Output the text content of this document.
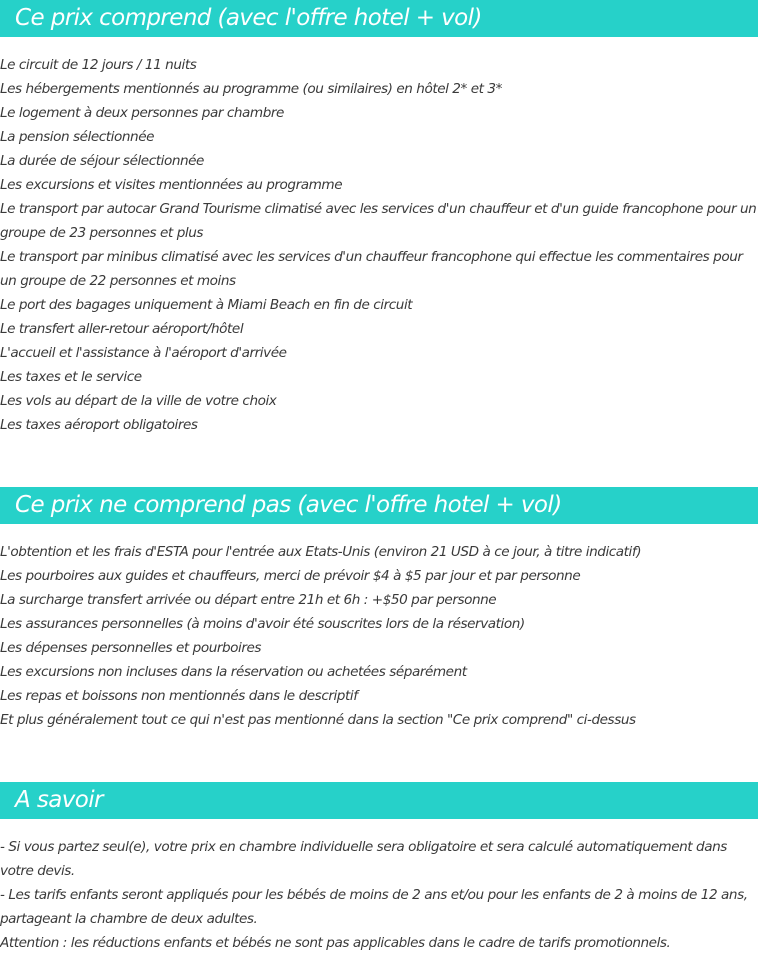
Ce prix comprend (avec l'offre hotel + vol)
Le circuit de 12 jours / 11 nuits
Les hébergements mentionnés au programme (ou similaires) en hôtel 2* et 3*
Le logement à deux personnes par chambre
La pension sélectionnée
La durée de séjour sélectionnée
Les excursions et visites mentionnées au programme
Le transport par autocar Grand Tourisme climatisé avec les services d'un chauffeur et d'un guide francophone pour un groupe de 23 personnes et plus
Le transport par minibus climatisé avec les services d'un chauffeur francophone qui effectue les commentaires pour un groupe de 22 personnes et moins
Le port des bagages uniquement à Miami Beach en fin de circuit
Le transfert aller-retour aéroport/hôtel
L'accueil et l'assistance à l'aéroport d'arrivée
Les taxes et le service
Les vols au départ de la ville de votre choix
Les taxes aéroport obligatoires
Ce prix ne comprend pas (avec l'offre hotel + vol)
L'obtention et les frais d'ESTA pour l'entrée aux Etats-Unis (environ 21 USD à ce jour, à titre indicatif)
Les pourboires aux guides et chauffeurs, merci de prévoir $4 à $5 par jour et par personne
La surcharge transfert arrivée ou départ entre 21h et 6h : +$50 par personne
Les assurances personnelles (à moins d'avoir été souscrites lors de la réservation)
Les dépenses personnelles et pourboires
Les excursions non incluses dans la réservation ou achetées séparément
Les repas et boissons non mentionnés dans le descriptif
Et plus généralement tout ce qui n'est pas mentionné dans la section "Ce prix comprend" ci-dessus
A savoir
- Si vous partez seul(e), votre prix en chambre individuelle sera obligatoire et sera calculé automatiquement dans votre devis.
- Les tarifs enfants seront appliqués pour les bébés de moins de 2 ans et/ou pour les enfants de 2 à moins de 12 ans, partageant la chambre de deux adultes.
Attention : les réductions enfants et bébés ne sont pas applicables dans le cadre de tarifs promotionnels.
